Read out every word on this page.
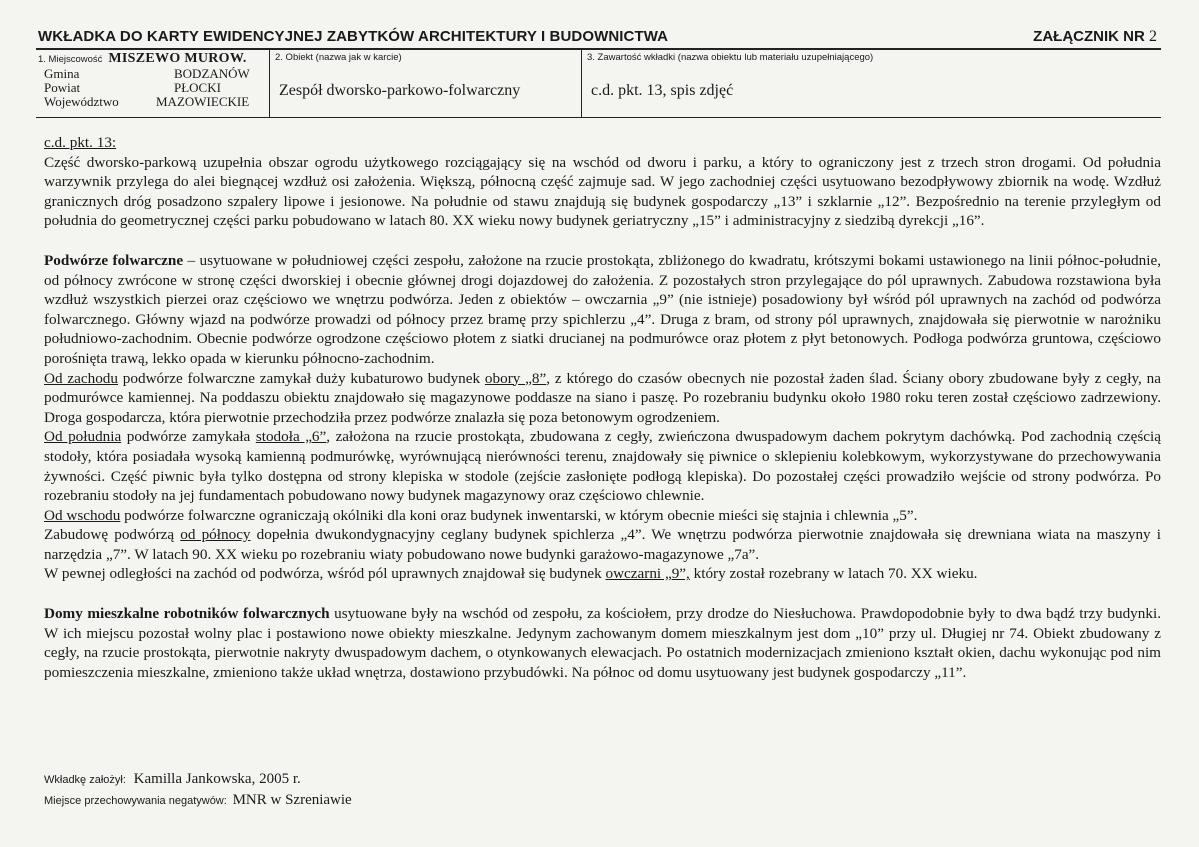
WKŁADKA DO KARTY EWIDENCYJNEJ ZABYTKÓW ARCHITEKTURY I BUDOWNICTWA	ZAŁĄCZNIK NR 2
1. Miejscowość MISZEWO MUROW.
Gmina	BODZANÓW
Powiat	PŁOCKI
Województwo	MAZOWIECKIE
2. Obiekt (nazwa jak w karcie)
Zespół dworsko-parkowo-folwarczny
3. Zawartość wkładki (nazwa obiektu lub materiału uzupełniającego)
c.d. pkt. 13, spis zdjęć

c.d. pkt. 13:

Część dworsko-parkową uzupełnia obszar ogrodu użytkowego rozciągający się na wschód od dworu i parku, a który to ograniczony jest z trzech stron drogami. Od południa warzywnik przylega do alei biegnącej wzdłuż osi założenia. Większą, północną część zajmuje sad. W jego zachodniej części usytuowano bezodpływowy zbiornik na wodę. Wzdłuż granicznych dróg posadzono szpalery lipowe i jesionowe. Na południe od stawu znajdują się budynek gospodarczy „13” i szklarnie „12”. Bezpośrednio na terenie przyległym od południa do geometrycznej części parku pobudowano w latach 80. XX wieku nowy budynek geriatryczny „15” i administracyjny z siedzibą dyrekcji „16”.

Podwórze folwarczne – usytuowane w południowej części zespołu, założone na rzucie prostokąta, zbliżonego do kwadratu, krótszymi bokami ustawionego na linii północ-południe, od północy zwrócone w stronę części dworskiej i obecnie głównej drogi dojazdowej do założenia. Z pozostałych stron przylegające do pól uprawnych. Zabudowa rozstawiona była wzdłuż wszystkich pierzei oraz częściowo we wnętrzu podwórza. Jeden z obiektów – owczarnia „9” (nie istnieje) posadowiony był wśród pól uprawnych na zachód od podwórza folwarcznego. Główny wjazd na podwórze prowadzi od północy przez bramę przy spichlerzu „4”. Druga z bram, od strony pól uprawnych, znajdowała się pierwotnie w narożniku południowo-zachodnim. Obecnie podwórze ogrodzone częściowo płotem z siatki drucianej na podmurówce oraz płotem z płyt betonowych. Podłoga podwórza gruntowa, częściowo porośnięta trawą, lekko opada w kierunku północno-zachodnim.

Od zachodu podwórze folwarczne zamykał duży kubaturowo budynek obory „8”, z którego do czasów obecnych nie pozostał żaden ślad. Ściany obory zbudowane były z cegły, na podmurówce kamiennej. Na poddaszu obiektu znajdowało się magazynowe poddasze na siano i paszę. Po rozebraniu budynku około 1980 roku teren został częściowo zadrzewiony. Droga gospodarcza, która pierwotnie przechodziła przez podwórze znalazła się poza betonowym ogrodzeniem.

Od południa podwórze zamykała stodoła „6”, założona na rzucie prostokąta, zbudowana z cegły, zwieńczona dwuspadowym dachem pokrytym dachówką. Pod zachodnią częścią stodoły, która posiadała wysoką kamienną podmurówkę, wyrównującą nierówności terenu, znajdowały się piwnice o sklepieniu kolebkowym, wykorzystywane do przechowywania żywności. Część piwnic była tylko dostępna od strony klepiska w stodole (zejście zasłonięte podłogą klepiska). Do pozostałej części prowadziło wejście od strony podwórza. Po rozebraniu stodoły na jej fundamentach pobudowano nowy budynek magazynowy oraz częściowo chlewnie.

Od wschodu podwórze folwarczne ograniczają okólniki dla koni oraz budynek inwentarski, w którym obecnie mieści się stajnia i chlewnia „5”.

Zabudowę podwórzą od północy dopełnia dwukondygnacyjny ceglany budynek spichlerza „4”. We wnętrzu podwórza pierwotnie znajdowała się drewniana wiata na maszyny i narzędzia „7”. W latach 90. XX wieku po rozebraniu wiaty pobudowano nowe budynki garażowo-magazynowe „7a”.

W pewnej odległości na zachód od podwórza, wśród pól uprawnych znajdował się budynek owczarni „9”, który został rozebrany w latach 70. XX wieku.

Domy mieszkalne robotników folwarcznych usytuowane były na wschód od zespołu, za kościołem, przy drodze do Niesłuchowa. Prawdopodobnie były to dwa bądź trzy budynki. W ich miejscu pozostał wolny plac i postawiono nowe obiekty mieszkalne. Jedynym zachowanym domem mieszkalnym jest dom „10” przy ul. Długiej nr 74. Obiekt zbudowany z cegły, na rzucie prostokąta, pierwotnie nakryty dwuspadowym dachem, o otynkowanych elewacjach. Po ostatnich modernizacjach zmieniono kształt okien, dachu wykonując pod nim pomieszczenia mieszkalne, zmieniono także układ wnętrza, dostawiono przybudówki. Na północ od domu usytuowany jest budynek gospodarczy „11”.

Wkładkę założył: Kamilla Jankowska, 2005 r.
Miejsce przechowywania negatywów: MNR w Szreniawie
